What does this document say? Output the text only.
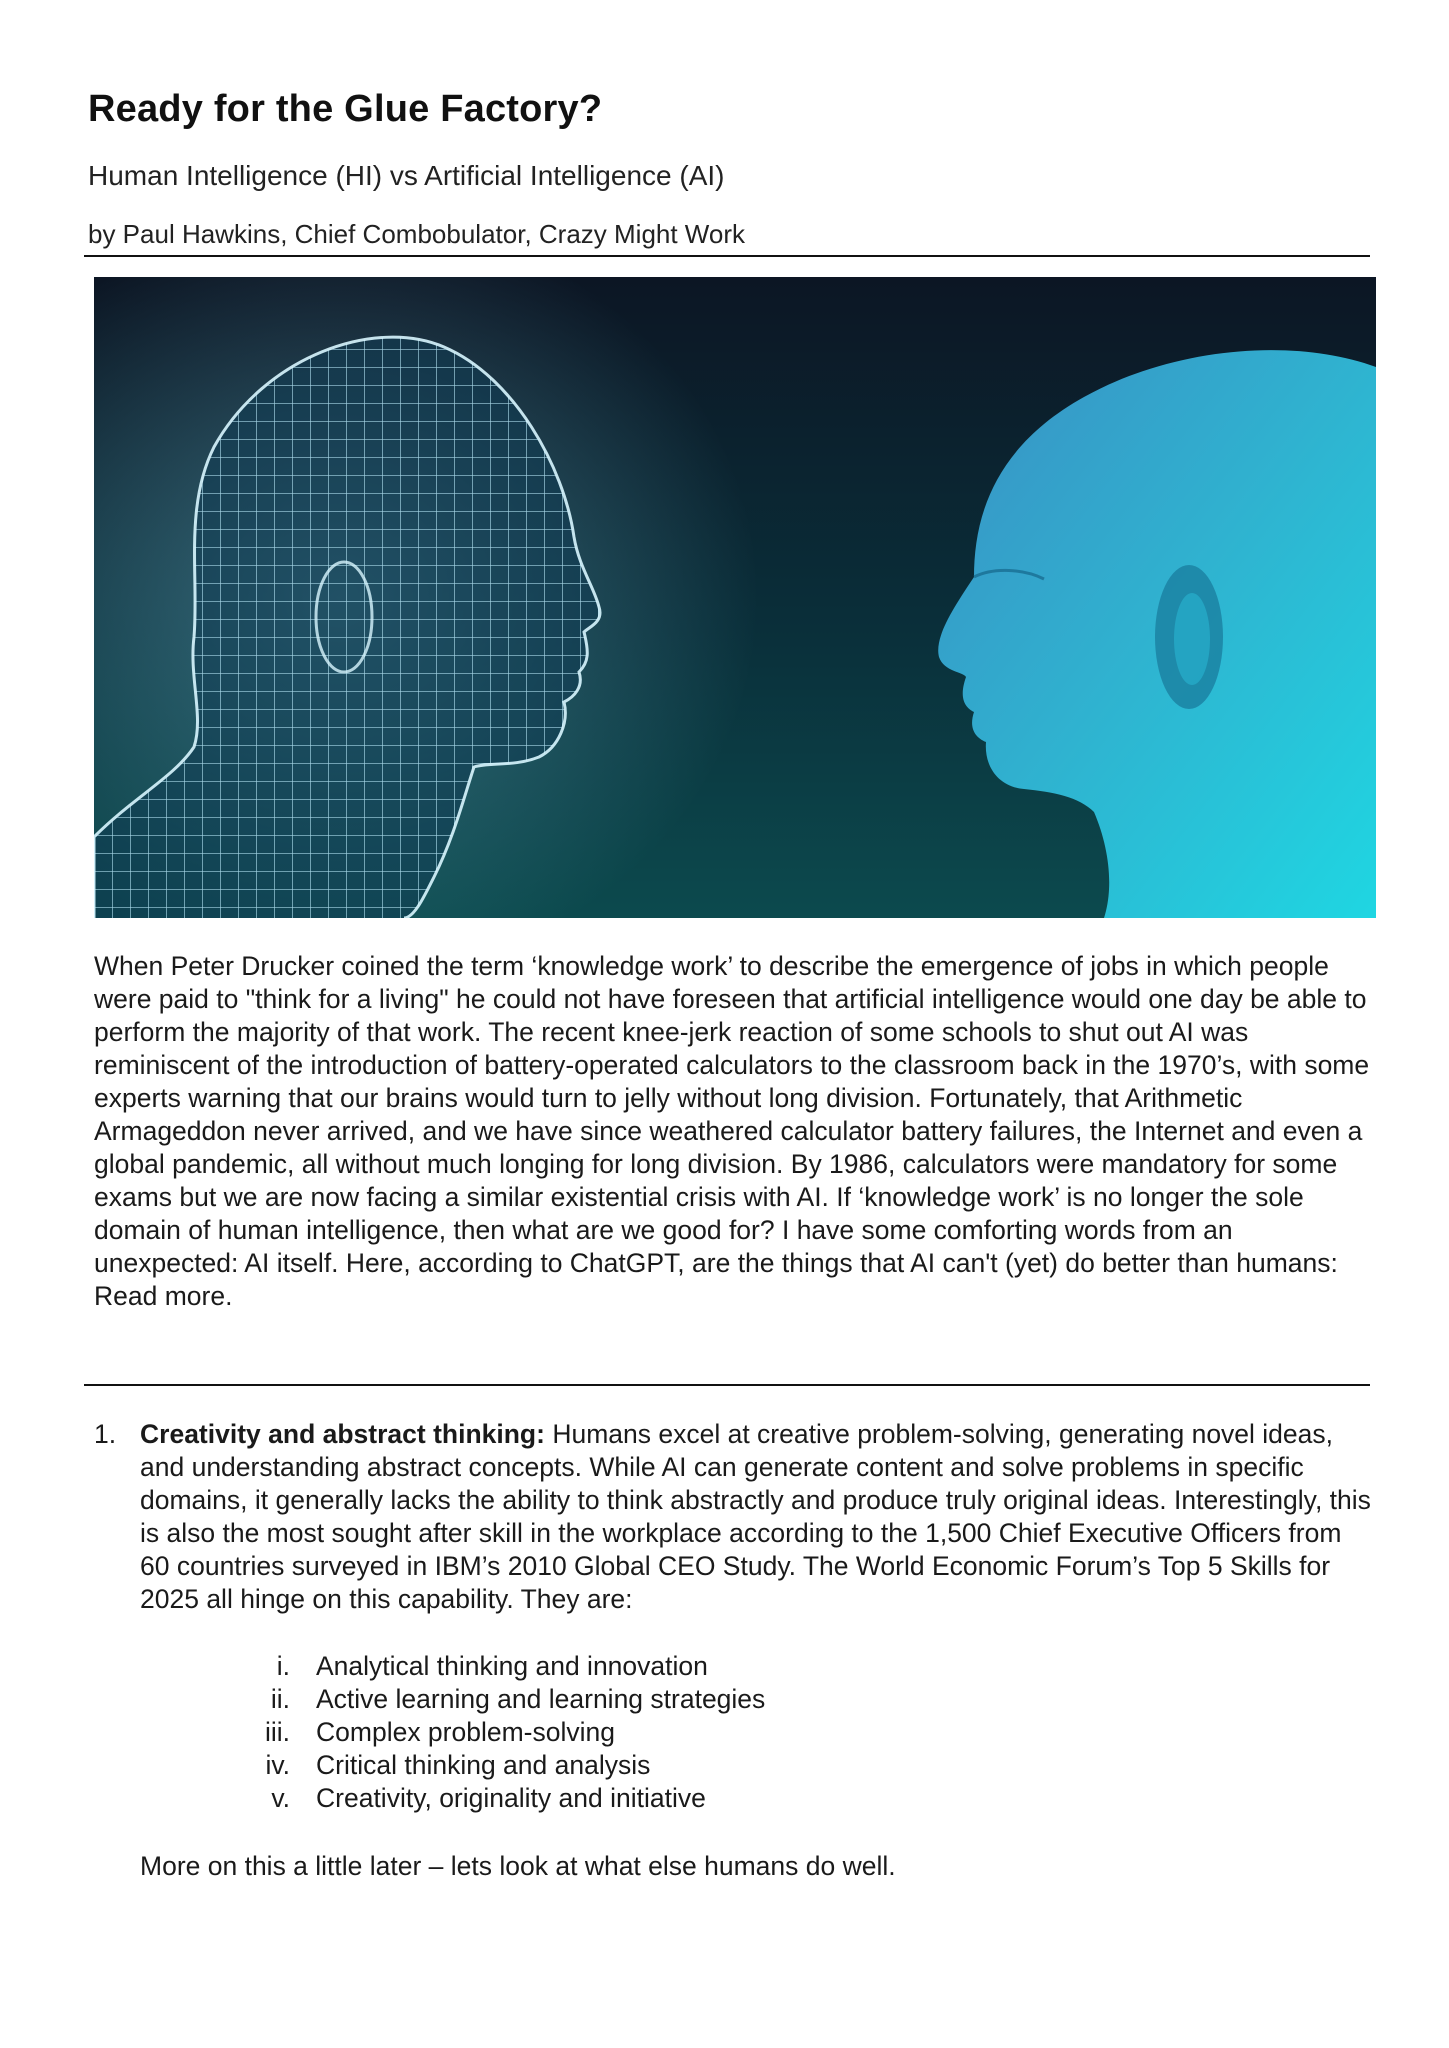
Ready for the Glue Factory?
Human Intelligence (HI) vs Artificial Intelligence (AI)
by Paul Hawkins, Chief Combobulator, Crazy Might Work
When Peter Drucker coined the term ‘knowledge work’ to describe the emergence of jobs in which people were paid to "think for a living" he could not have foreseen that artificial intelligence would one day be able to perform the majority of that work. The recent knee-jerk reaction of some schools to shut out AI was reminiscent of the introduction of battery-operated calculators to the classroom back in the 1970’s, with some experts warning that our brains would turn to jelly without long division. Fortunately, that Arithmetic Armageddon never arrived, and we have since weathered calculator battery failures, the Internet and even a global pandemic, all without much longing for long division. By 1986, calculators were mandatory for some exams but we are now facing a similar existential crisis with AI. If ‘knowledge work’ is no longer the sole domain of human intelligence, then what are we good for? I have some comforting words from an unexpected: AI itself. Here, according to ChatGPT, are the things that AI can't (yet) do better than humans: Read more.
1. Creativity and abstract thinking: Humans excel at creative problem-solving, generating novel ideas, and understanding abstract concepts. While AI can generate content and solve problems in specific domains, it generally lacks the ability to think abstractly and produce truly original ideas. Interestingly, this is also the most sought after skill in the workplace according to the 1,500 Chief Executive Officers from 60 countries surveyed in IBM’s 2010 Global CEO Study. The World Economic Forum’s Top 5 Skills for 2025 all hinge on this capability. They are:
i. Analytical thinking and innovation
ii. Active learning and learning strategies
iii. Complex problem-solving
iv. Critical thinking and analysis
v. Creativity, originality and initiative
More on this a little later – lets look at what else humans do well.
